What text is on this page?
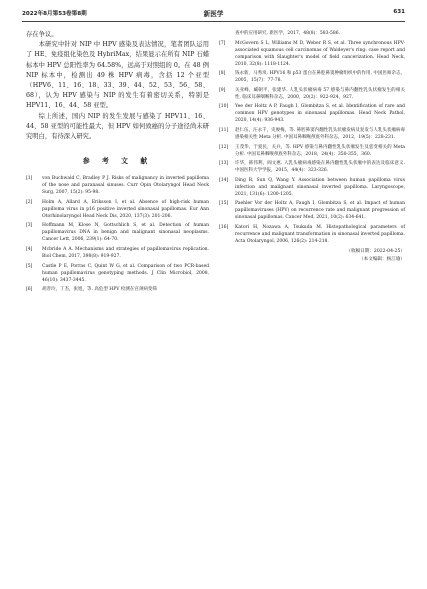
2022年8月第53卷第8期	新医学	631

存在争议。

本研究中针对 NIP 中 HPV 感染及表达情况，笔者团队运用了 HE、免疫组化染色及 HybriMax，结果显示在所有 NIP 石蜡标本中 HPV 总阳性率为 64.58%，远高于对照组的 0。在 48 例 NIP 标本中，检测出 49 株 HPV 病毒，含括 12 个亚型（HPV6、11、16、18、33、39、44、52、53、56、58、68），认为 HPV 感染与 NIP 的发生有着密切关系，特别是 HPV11、16、44、58 亚型。

综上所述，国内 NIP 的发生发展与感染了 HPV11、16、44、58 亚型的可能性最大，但 HPV 如何致癌的分子途径尚未研究明白，有待深入研究。

参 考 文 献
[1]	von Buchwald C, Bradley P J. Risks of malignancy in inverted papilloma of the nose and paranasal sinuses. Curr Opin Otolaryngol Head Neck Surg, 2007, 15(2): 95-98.
[2]	Holm A, Allard A, Eriksson I, et al. Absence of high-risk human papilloma virus in p16 positive inverted sinonasal papillomas. Eur Ann Otorhinolaryngol Head Neck Dis, 2020, 137(3): 201-206.
[3]	Hoffmann M, Klose N, Gottschlich S, et al. Detection of human papillomavirus DNA in benign and malignant sinonasal neoplasms. Cancer Lett, 2006, 239(1): 64-70.
[4]	Mcbride A A. Mechanisms and strategies of papillomavirus replication. Biol Chem, 2017, 398(8): 919-927.
[5]	Castle P E, Porras C, Quint W G, et al. Comparison of two PCR-based human papillomavirus genotyping methods. J Clin Microbiol, 2008, 46(10): 3437-3445.
[6]	胡善玲，丁杰，张旭，等. 高危型 HPV 检测在宫颈病变筛
查中的应用研究. 新医学，2017，48(8)：583-586.
[7]	McGovern S L, Williams M D, Weber R S, et al. Three synchronous HPV-associated squamous cell carcinomas of Waldeyer's ring: case report and comparison with Slaughter's model of field cancerization. Head Neck, 2010, 32(8): 1118-1124.
[8]	钱永新，马秀岚. HPV16 和 p53 蛋白在鼻腔鼻窦肿瘤组织中的作用. 中国医师杂志，2005，15(7)：77-78.
[9]	关亚峰，臧朝平，张建华. 人乳头状瘤病毒 57 感染与鼻内翻性乳头状瘤发生的相关性. 临床耳鼻咽喉科杂志，2000，20(2)：922-924，927.
[10]	Yee der Holtz A P, Faugh I, Glombitza S, et al. Identification of rare and common HPV genotypes in sinonasal papillomas. Head Neck Pathol, 2020, 14(4): 936-943.
[11]	赵仁伍，汪永千，史俊梅，等. 鼻腔鼻窦内翻性乳头状瘤发病及复发与人乳头状瘤病毒感染相关性 Meta 分析. 中国耳鼻咽喉颅底外科杂志，2012，19(5)：228-231.
[12]	王茂华，于爱民，关兵，等. HPV 感染与鼻内翻性乳头状瘤发生及恶变相关的 Meta 分析. 中国耳鼻咽喉颅底外科杂志，2018，24(4)：350-355，360.
[13]	许华，韩伟利，阎文惠. 人乳头瘤病毒感染在鼻内翻性乳头状瘤中的表达及临床意义. 中国医科大学学报，2015，44(4)：323-326.
[14]	Ding R, Sun Q, Wang Y. Association between human papilloma virus infection and malignant sinonasal inverted papilloma. Laryngoscope, 2021, 131(6): 1200-1205.
[15]	Paehler Vor der Holtz A, Faugh I, Glombitza S, et al. Impact of human papillomaviruses (HPV) on recurrence rate and malignant progression of sinonasal papillomas. Cancer Med, 2021, 10(2): 634-641.
[16]	Katori H, Nozawa A, Tsukuda M. Histopathological parameters of recurrence and malignant transformation in sinonasal inverted papilloma. Acta Otolaryngol, 2006, 126(2): 214-218.
（收稿日期：2022-04-25）
（本文编辑：杨江瑜）
